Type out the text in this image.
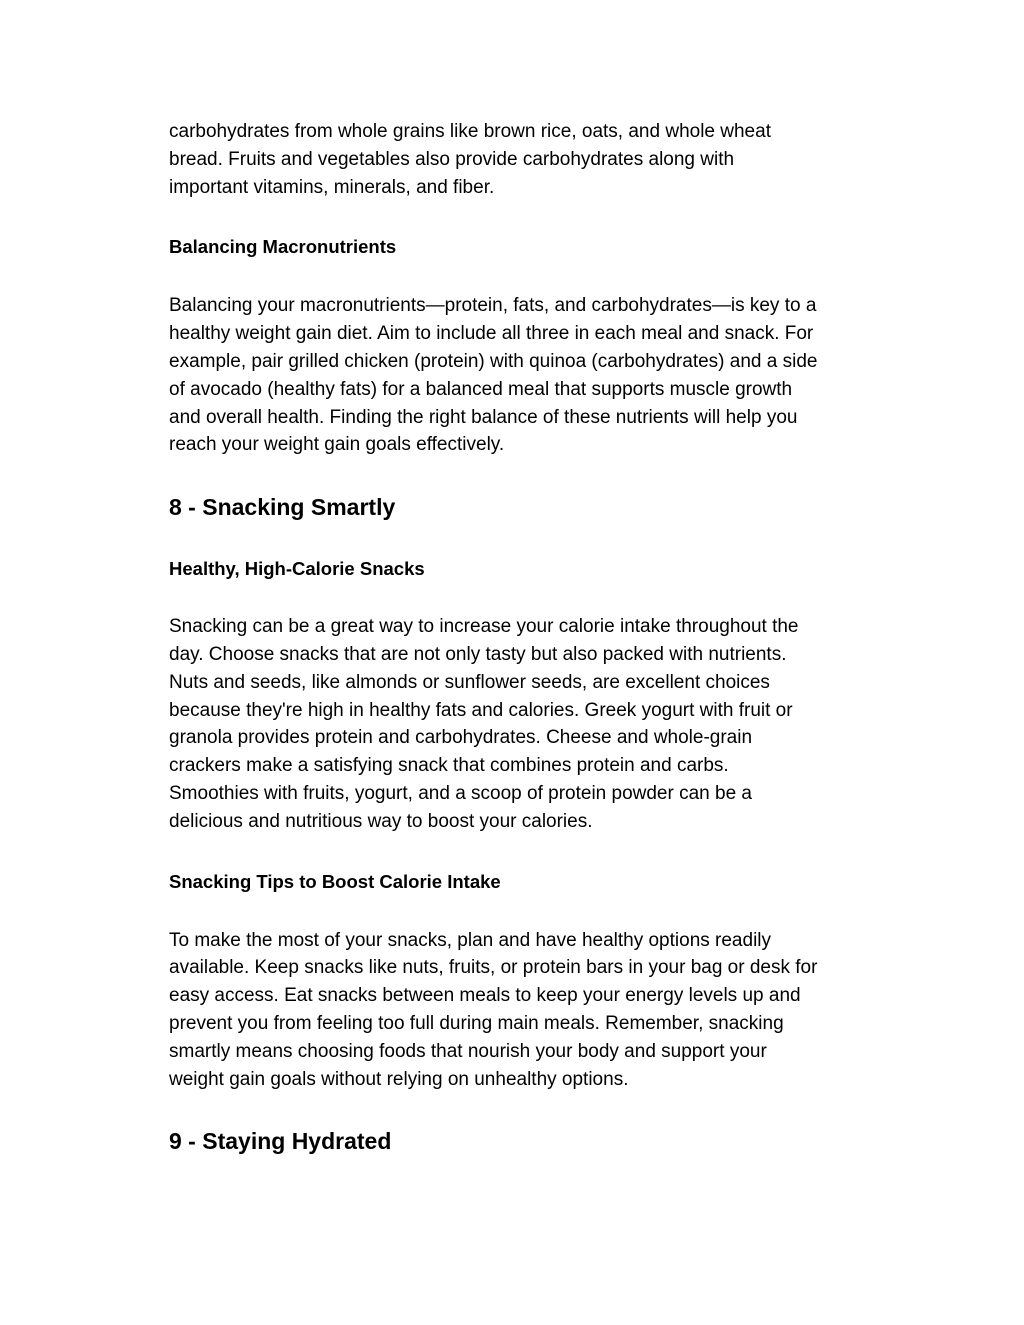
carbohydrates from whole grains like brown rice, oats, and whole wheat
bread. Fruits and vegetables also provide carbohydrates along with
important vitamins, minerals, and fiber.

Balancing Macronutrients

Balancing your macronutrients—protein, fats, and carbohydrates—is key to a
healthy weight gain diet. Aim to include all three in each meal and snack. For
example, pair grilled chicken (protein) with quinoa (carbohydrates) and a side
of avocado (healthy fats) for a balanced meal that supports muscle growth
and overall health. Finding the right balance of these nutrients will help you
reach your weight gain goals effectively.

8 - Snacking Smartly
Healthy, High-Calorie Snacks

Snacking can be a great way to increase your calorie intake throughout the
day. Choose snacks that are not only tasty but also packed with nutrients.
Nuts and seeds, like almonds or sunflower seeds, are excellent choices
because they're high in healthy fats and calories. Greek yogurt with fruit or
granola provides protein and carbohydrates. Cheese and whole-grain
crackers make a satisfying snack that combines protein and carbs.
Smoothies with fruits, yogurt, and a scoop of protein powder can be a
delicious and nutritious way to boost your calories.

Snacking Tips to Boost Calorie Intake

To make the most of your snacks, plan and have healthy options readily
available. Keep snacks like nuts, fruits, or protein bars in your bag or desk for
easy access. Eat snacks between meals to keep your energy levels up and
prevent you from feeling too full during main meals. Remember, snacking
smartly means choosing foods that nourish your body and support your
weight gain goals without relying on unhealthy options.

9 - Staying Hydrated
